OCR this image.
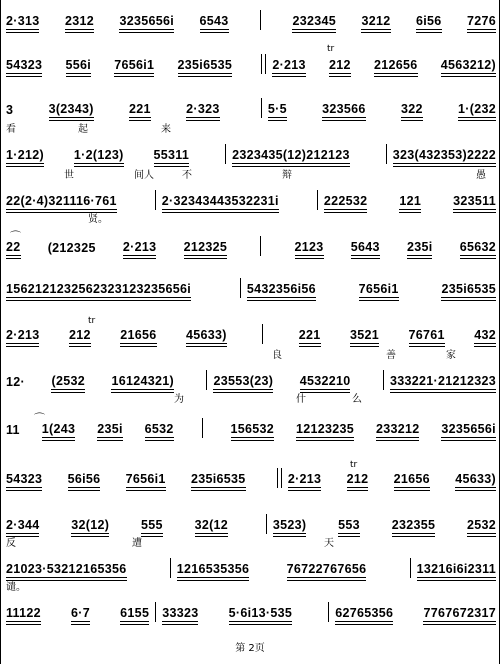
2·313 2312 3235656i 6543	232345 3212 6i56 7276
tr
54323 556i 7656i1 235i6535	2·213 212 212656 4563212)
3	3(2343)	221	2·323	5·5	323566	322	1·(232
看	起	来
1·212) 1·2(123) 55311	2323435(12) 212123	323(432353) 2222
世	间人	不	辩	愚
22(2·4)321116·761	2·32343443532231i	222532	121	323511
贤。
⌒
22 (212325 2·213 212325	2123 5643 235i 65632
1562121232562323123235656i	5432356i56	7656i1	235i6535
tr
2·213 212 21656 45633)	221 3521 76761 432
良	善	家
12· (2532 16124321)	23553(23) 4532210	333221·21212323
为	什	么
⌒
11 1(243 235i 6532	156532 12123235 233212 3235656i
tr
54323 56i56 7656i1 235i6535	2·213 212 21656 45633)
2·344	32(12)	555	32(12	3523)	553	232355	2532
反	遭	天
21023·53212165356	1216535356	76722767656	13216i6i2311
谴。
11122 6·7 615 5 33 323 5·6i13·535	62765356 7767672317
第 2页
